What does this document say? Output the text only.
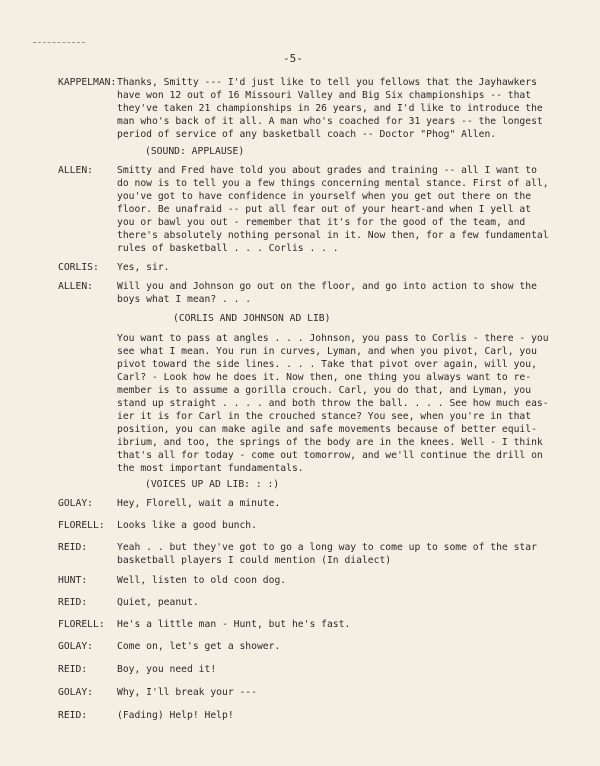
-5-
KAPPELMAN: Thanks, Smitty --- I'd just like to tell you fellows that the Jayhawkers
have won 12 out of 16 Missouri Valley and Big Six championships -- that
they've taken 21 championships in 26 years, and I'd like to introduce the
man who's back of it all. A man who's coached for 31 years -- the longest
period of service of any basketball coach -- Doctor "Phog" Allen.
(SOUND: APPLAUSE)
ALLEN: Smitty and Fred have told you about grades and training -- all I want to
do now is to tell you a few things concerning mental stance. First of all,
you've got to have confidence in yourself when you get out there on the
floor. Be unafraid -- put all fear out of your heart-and when I yell at
you or bawl you out - remember that it's for the good of the team, and
there's absolutely nothing personal in it. Now then, for a few fundamental
rules of basketball . . . Corlis . . .
CORLIS: Yes, sir.
ALLEN: Will you and Johnson go out on the floor, and go into action to show the
boys what I mean? . . .
(CORLIS AND JOHNSON AD LIB)
You want to pass at angles . . . Johnson, you pass to Corlis - there - you
see what I mean. You run in curves, Lyman, and when you pivot, Carl, you
pivot toward the side lines. . . . Take that pivot over again, will you,
Carl? - Look how he does it. Now then, one thing you always want to re-
member is to assume a gorilla crouch. Carl, you do that, and Lyman, you
stand up straight . . . . and both throw the ball. . . . See how much eas-
ier it is for Carl in the crouched stance? You see, when you're in that
position, you can make agile and safe movements because of better equil-
ibrium, and too, the springs of the body are in the knees. Well - I think
that's all for today - come out tomorrow, and we'll continue the drill on
the most important fundamentals.
(VOICES UP AD LIB: : :)
GOLAY: Hey, Florell, wait a minute.
FLORELL: Looks like a good bunch.
REID:	Yeah . . but they've got to go a long way to come up to some of the star
basketball players I could mention (In dialect)
HUNT:	Well, listen to old coon dog.
REID:	Quiet, peanut.
FLORELL: He's a little man - Hunt, but he's fast.
GOLAY: Come on, let's get a shower.
REID:	Boy, you need it!
GOLAY: Why, I'll break your ---
REID:	(Fading) Help! Help!
